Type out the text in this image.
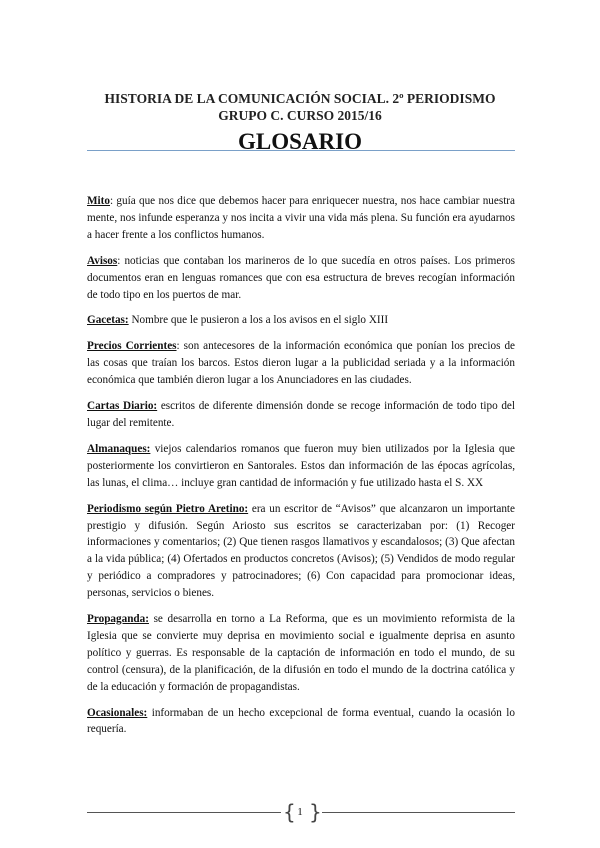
HISTORIA DE LA COMUNICACIÓN SOCIAL. 2º PERIODISMO
GRUPO C. CURSO 2015/16
GLOSARIO

Mito: guía que nos dice que debemos hacer para enriquecer nuestra, nos hace cambiar nuestra mente, nos infunde esperanza y nos incita a vivir una vida más plena. Su función era ayudarnos a hacer frente a los conflictos humanos.

Avisos: noticias que contaban los marineros de lo que sucedía en otros países. Los primeros documentos eran en lenguas romances que con esa estructura de breves recogían información de todo tipo en los puertos de mar.

Gacetas: Nombre que le pusieron a los a los avisos en el siglo XIII

Precios Corrientes: son antecesores de la información económica que ponían los precios de las cosas que traían los barcos. Estos dieron lugar a la publicidad seriada y a la información económica que también dieron lugar a los Anunciadores en las ciudades.

Cartas Diario: escritos de diferente dimensión donde se recoge información de todo tipo del lugar del remitente.

Almanaques: viejos calendarios romanos que fueron muy bien utilizados por la Iglesia que posteriormente los convirtieron en Santorales. Estos dan información de las épocas agrícolas, las lunas, el clima… incluye gran cantidad de información y fue utilizado hasta el S. XX

Periodismo según Pietro Aretino: era un escritor de “Avisos” que alcanzaron un importante prestigio y difusión. Según Ariosto sus escritos se caracterizaban por: (1) Recoger informaciones y comentarios; (2) Que tienen rasgos llamativos y escandalosos; (3) Que afectan a la vida pública; (4) Ofertados en productos concretos (Avisos); (5) Vendidos de modo regular y periódico a compradores y patrocinadores; (6) Con capacidad para promocionar ideas, personas, servicios o bienes.

Propaganda: se desarrolla en torno a La Reforma, que es un movimiento reformista de la Iglesia que se convierte muy deprisa en movimiento social e igualmente deprisa en asunto político y guerras. Es responsable de la captación de información en todo el mundo, de su control (censura), de la planificación, de la difusión en todo el mundo de la doctrina católica y de la educación y formación de propagandistas.

Ocasionales: informaban de un hecho excepcional de forma eventual, cuando la ocasión lo requería.

{ 1 }
